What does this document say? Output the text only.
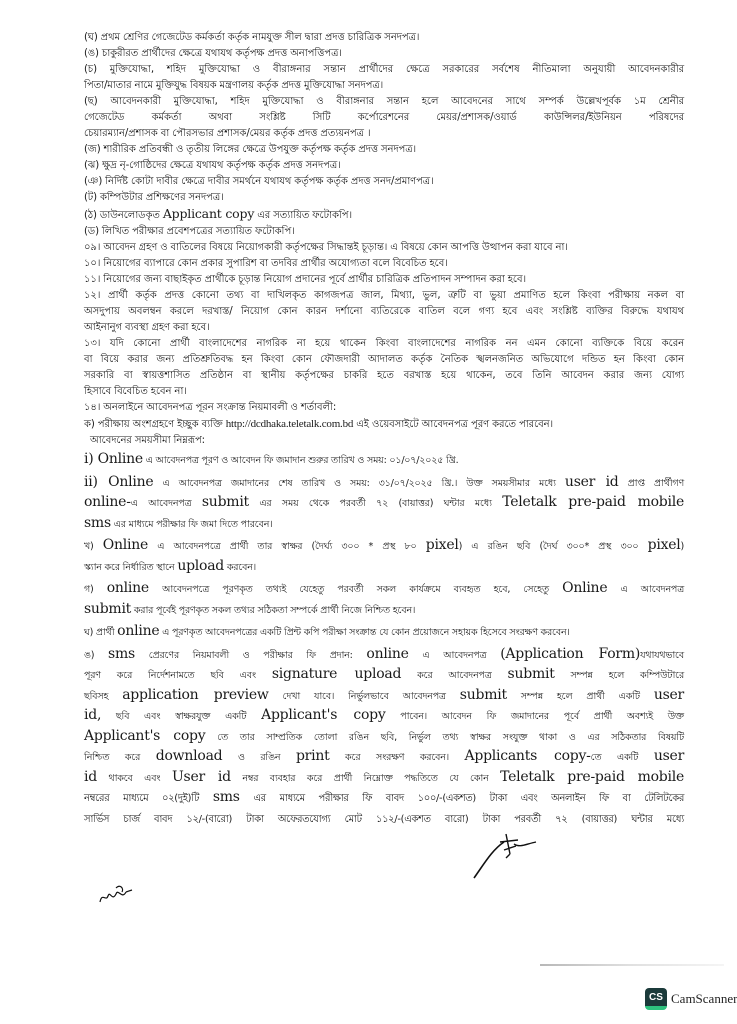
(ঘ) প্রথম শ্রেণির গেজেটেড কর্মকর্তা কর্তৃক নামযুক্ত সীল দ্বারা প্রদত্ত চারিত্রিক সনদপত্র।
(ঙ) চাকুরীরত প্রার্থীদের ক্ষেত্রে যথাযথ কর্তৃপক্ষ প্রদত্ত অনাপত্তিপত্র।
(চ) মুক্তিযোদ্ধা, শহিদ মুক্তিযোদ্ধা ও বীরাঙ্গনার সন্তান প্রার্থীদের ক্ষেত্রে সরকারের সর্বশেষ নীতিমালা অনুযায়ী আবেদনকারীর
পিতা/মাতার নামে মুক্তিযুদ্ধ বিষয়ক মন্ত্রণালয় কর্তৃক প্রদত্ত মুক্তিযোদ্ধা সনদপত্র।
(ছ) আবেদনকারী মুক্তিযোদ্ধা, শহিদ মুক্তিযোদ্ধা ও বীরাঙ্গনার সন্তান হলে আবেদনের সাথে সম্পর্ক উল্লেখপূর্বক ১ম শ্রেনীর
গেজেটেড কর্মকর্তা অথবা সংশ্লিষ্ট সিটি কর্পোরেশনের মেয়র/প্রশাসক/ওয়ার্ড কাউন্সিলর/ইউনিয়ন পরিষদের
চেয়ারম্যান/প্রশাসক বা পৌরসভার প্রশাসক/মেয়র কর্তৃক প্রদত্ত প্রত্যয়নপত্র ।
(জ) শারীরিক প্রতিবন্ধী ও তৃতীয় লিঙ্গের ক্ষেত্রে উপযুক্ত কর্তৃপক্ষ কর্তৃক প্রদত্ত সনদপত্র।
(ঝ) ক্ষুদ্র নৃ-গোষ্ঠিদের ক্ষেত্রে যথাযথ কর্তৃপক্ষ কর্তৃক প্রদত্ত সনদপত্র।
(ঞ) নির্দিষ্ট কোটা দাবীর ক্ষেত্রে দাবীর সমর্থনে যথাযথ কর্তৃপক্ষ কর্তৃক প্রদত্ত সনদ/প্রমাণপত্র।
(ট) কম্পিউটার প্রশিক্ষণের সনদপত্র।
(ঠ) ডাউনলোডকৃত Applicant copy এর সত্যায়িত ফটোকপি।
(ড) লিখিত পরীক্ষার প্রবেশপত্রের সত্যায়িত ফটোকপি।
০৯। আবেদন গ্রহণ ও বাতিলের বিষয়ে নিয়োগকারী কর্তৃপক্ষের সিদ্ধান্তই চূড়ান্ত। এ বিষয়ে কোন আপত্তি উত্থাপন করা যাবে না।
১০। নিয়োগের ব্যাপারে কোন প্রকার সুপারিশ বা তদবির প্রার্থীর অযোগ্যতা বলে বিবেচিত হবে।
১১। নিয়োগের জন্য বাছাইকৃত প্রার্থীকে চূড়ান্ত নিয়োগ প্রদানের পূর্বে প্রার্থীর চারিত্রিক প্রতিপাদন সম্পাদন করা হবে।
১২। প্রার্থী কর্তৃক প্রদত্ত কোনো তথ্য বা দাখিলকৃত কাগজপত্র জাল, মিথ্যা, ভুল, ত্রুটি বা ভুয়া প্রমাণিত হলে কিংবা পরীক্ষায় নকল বা
অসদুপায় অবলম্বন করলে দরখাস্ত/ নিয়োগ কোন কারন দর্শানো ব্যতিরেকে বাতিল বলে গণ্য হবে এবং সংশ্লিষ্ট ব্যক্তির বিরুদ্ধে যথাযথ
আইনানুগ ব্যবস্থা গ্রহণ করা হবে।
১৩। যদি কোনো প্রার্থী বাংলাদেশের নাগরিক না হয়ে থাকেন কিংবা বাংলাদেশের নাগরিক নন এমন কোনো ব্যক্তিকে বিয়ে করেন
বা বিয়ে করার জন্য প্রতিশ্রুতিবদ্ধ হন কিংবা কোন ফৌজদারী আদালত কর্তৃক নৈতিক স্খলনজনিত অভিযোগে দন্ডিত হন কিংবা কোন
সরকারি বা স্বায়ত্তশাসিত প্রতিষ্ঠান বা স্থানীয় কর্তৃপক্ষের চাকরি হতে বরখাস্ত হয়ে থাকেন, তবে তিনি আবেদন করার জন্য যোগ্য
হিসাবে বিবেচিত হবেন না।
১৪। অনলাইনে আবেদনপত্র পূরন সংক্রান্ত নিয়মাবলী ও শর্তাবলী:
ক) পরীক্ষায় অংশগ্রহণে ইচ্ছুক ব্যক্তি http://dcdhaka.teletalk.com.bd এই ওয়েবসাইটে আবেদনপত্র পূরণ করতে পারবেন।
আবেদনের সময়সীমা নিম্নরূপ:
i) Online এ আবেদনপত্র পূরণ ও আবেদন ফি জমাদান শুরুর তারিখ ও সময়: ০১/০৭/২০২৫ খ্রি.
ii) Online এ আবেদনপত্র জমাদানের শেষ তারিখ ও সময়: ৩১/০৭/২০২৫ খ্রি.। উক্ত সময়সীমার মধ্যে user id প্রাপ্ত প্রার্থীগণ
online-এ আবেদনপত্র submit এর সময় থেকে পরবর্তী ৭২ (বায়াত্তর) ঘন্টার মধ্যে Teletalk pre-paid mobile
sms এর মাধ্যমে পরীক্ষার ফি জমা দিতে পারবেন।
খ) Online এ আবেদনপত্রে প্রার্থী তার স্বাক্ষর (দৈর্ঘ্য ৩০০ * প্রস্থ ৮০ pixel) এ রঙিন ছবি (দৈর্ঘ ৩০০* প্রস্থ ৩০০ pixel)
স্ক্যান করে নির্ধারিত স্থানে upload করবেন।
গ) online আবেদনপত্রে পূরণকৃত তথ্যই যেহেতু পরবর্তী সকল কার্যক্রমে ব্যবহৃত হবে, সেহেতু Online এ আবেদনপত্র
submit করার পূর্বেই পূরণকৃত সকল তথ্যর সঠিকতা সম্পর্কে প্রার্থী নিজে নিশ্চিত হবেন।
ঘ) প্রার্থী online এ পূরণকৃত আবেদনপত্রের একটি প্রিন্ট কপি পরীক্ষা সংক্রান্ত যে কোন প্রয়োজনে সহায়ক হিসেবে সংরক্ষণ করবেন।
ঙ) sms প্রেরণের নিয়মাবলী ও পরীক্ষার ফি প্রদান: online এ আবেদনপত্র (Application Form)যথাযথভাবে
পূরণ করে নির্দেশনামতে ছবি এবং signature upload করে আবেদনপত্র submit সম্পন্ন হলে কম্পিউটারে
ছবিসহ application preview দেখা যাবে। নির্ভুলভাবে আবেদনপত্র submit সম্পন্ন হলে প্রার্থী একটি user
id, ছবি এবং স্বাক্ষরযুক্ত একটি Applicant's copy পাবেন। আবেদন ফি জমাদানের পূর্বে প্রার্থী অবশ্যই উক্ত
Applicant's copy তে তার সাম্প্রতিক তোলা রঙিন ছবি, নির্ভুল তথ্য স্বাক্ষর সংযুক্ত থাকা ও এর সঠিকতার বিষয়টি
নিশ্চিত করে download ও রঙিন print করে সংরক্ষণ করবেন। Applicants copy-তে একটি user
id থাকবে এবং User id নম্বর ব্যবহার করে প্রার্থী নিম্নোক্ত পদ্ধতিতে যে কোন Teletalk pre-paid mobile
নম্বরের মাধ্যমে ০২(দুই)টি sms এর মাধ্যমে পরীক্ষার ফি বাবদ ১০০/-(একশত) টাকা এবং অনলাইন ফি বা টেলিটকের
সার্ভিস চার্জ বাবদ ১২/-(বারো) টাকা অফেরতযোগ্য মোট ১১২/-(একশত বারো) টাকা পরবর্তী ৭২ (বায়াত্তর) ঘন্টার মধ্যে
CS CamScanner
